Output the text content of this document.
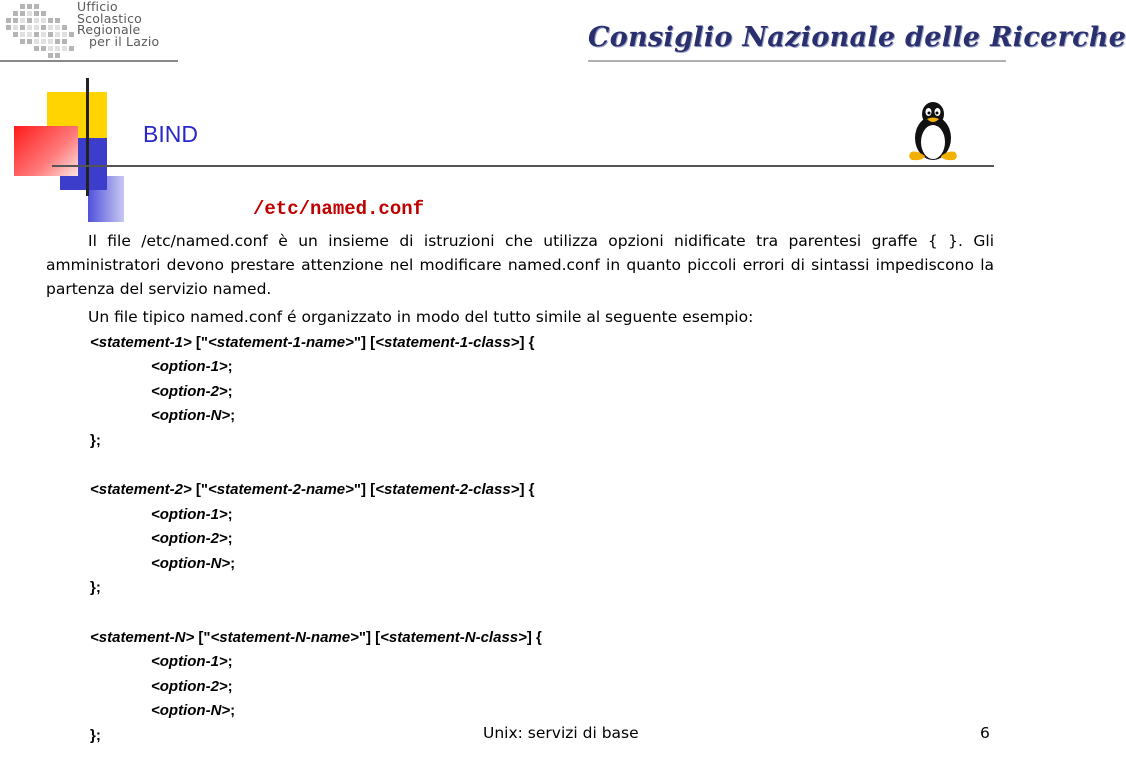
Ufficio
Scolastico
Regionale
per il Lazio	Consiglio Nazionale delle Ricerche
BIND
/etc/named.conf
Il file /etc/named.conf è un insieme di istruzioni che utilizza opzioni nidificate tra parentesi graffe { }. Gli amministratori devono prestare attenzione nel modificare named.conf in quanto piccoli errori di sintassi impediscono la partenza del servizio named.
Un file tipico named.conf é organizzato in modo del tutto simile al seguente esempio:
<statement-1> ["<statement-1-name>"] [<statement-1-class>] {
<option-1>;
<option-2>;
<option-N>;
};
<statement-2> ["<statement-2-name>"] [<statement-2-class>] {
<option-1>;
<option-2>;
<option-N>;
};
<statement-N> ["<statement-N-name>"] [<statement-N-class>] {
<option-1>;
<option-2>;
<option-N>;
};	Unix: servizi di base	6
